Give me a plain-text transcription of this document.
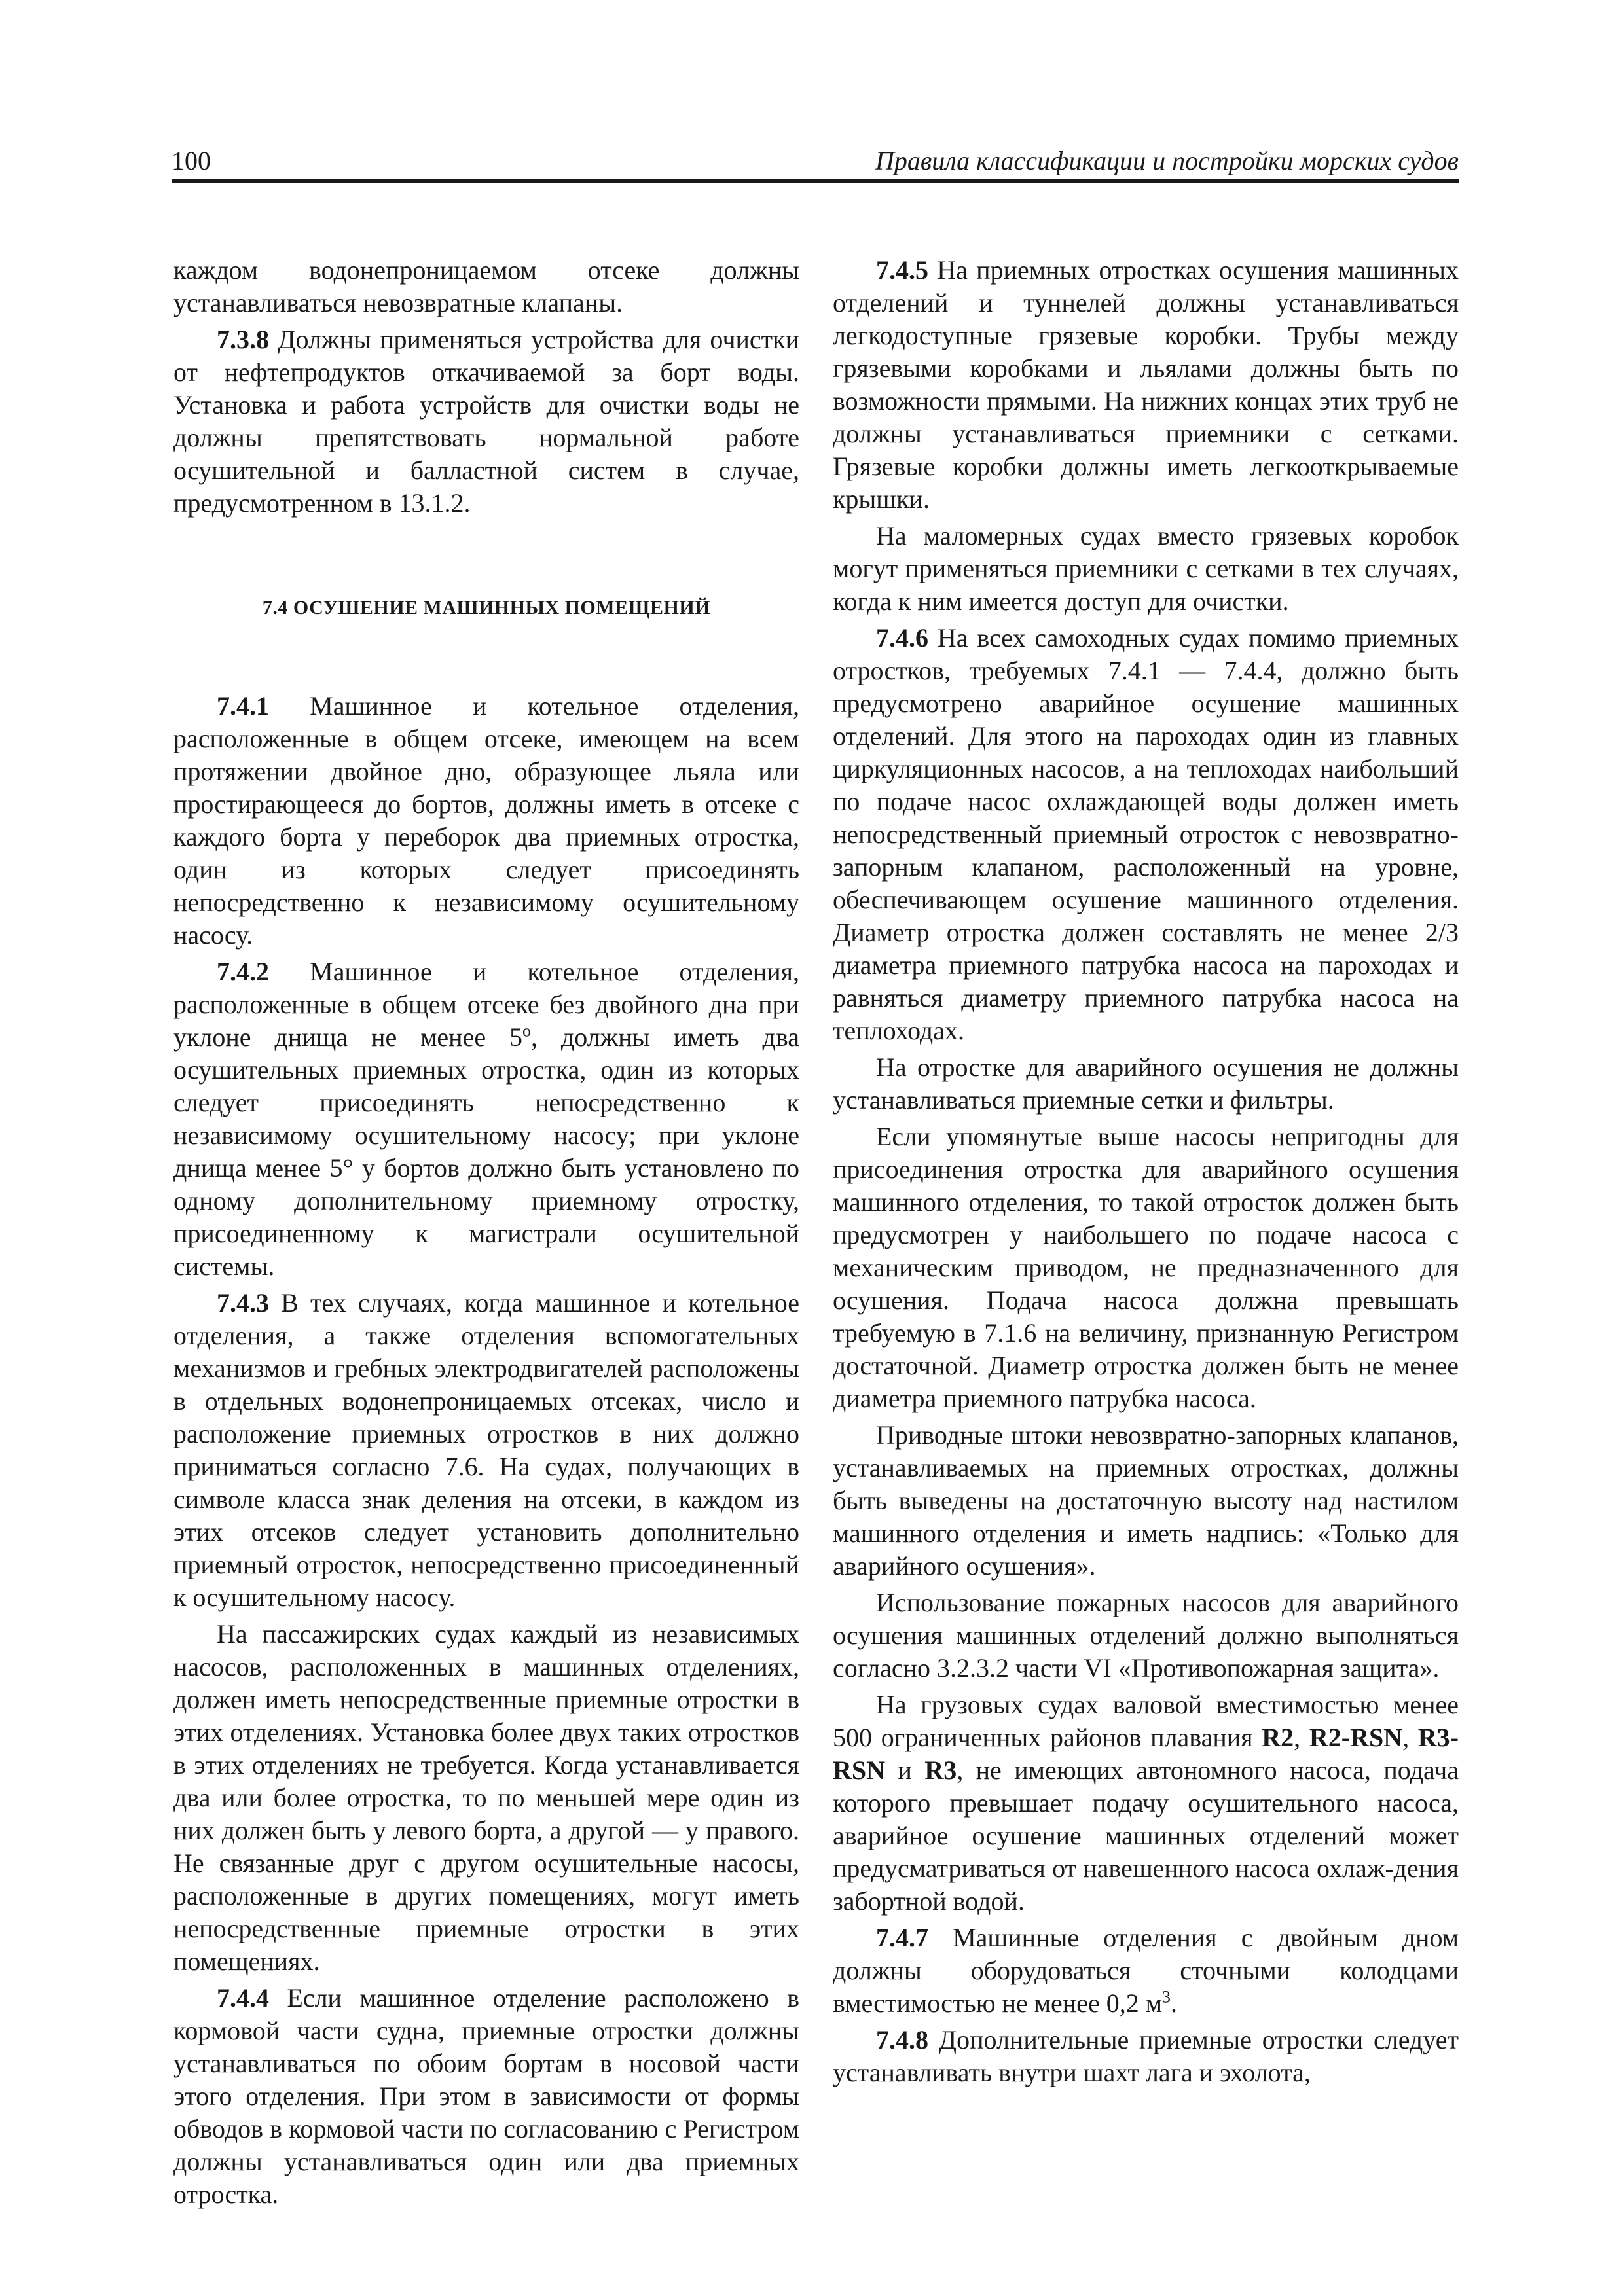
100	Правила классификации и постройки морских судов

каждом водонепроницаемом отсеке должны устанавливаться невозвратные клапаны.

7.3.8 Должны применяться устройства для очистки от нефтепродуктов откачиваемой за борт воды. Установка и работа устройств для очистки воды не должны препятствовать нормальной работе осушительной и балластной систем в случае, предусмотренном в 13.1.2.

7.4 ОСУШЕНИЕ МАШИННЫХ ПОМЕЩЕНИЙ

7.4.1 Машинное и котельное отделения, расположенные в общем отсеке, имеющем на всем протяжении двойное дно, образующее льяла или простирающееся до бортов, должны иметь в отсеке с каждого борта у переборок два приемных отростка, один из которых следует присоединять непосредственно к независимому осушительному насосу.

7.4.2 Машинное и котельное отделения, расположенные в общем отсеке без двойного дна при уклоне днища не менее $5^о$, должны иметь два осушительных приемных отростка, один из которых следует присоединять непосредственно к независимому осушительному насосу; при уклоне днища менее 5° у бортов должно быть установлено по одному дополнительному приемному отростку, присоединенному к магистрали осушительной системы.

7.4.3 В тех случаях, когда машинное и котельное отделения, а также отделения вспомогательных механизмов и гребных электродвигателей расположены в отдельных водонепроницаемых отсеках, число и расположение приемных отростков в них должно приниматься согласно 7.6. На судах, получающих в символе класса знак деления на отсеки, в каждом из этих отсеков следует установить дополнительно приемный отросток, непосредственно присоединенный к осушительному насосу.

На пассажирских судах каждый из независимых насосов, расположенных в машинных отделениях, должен иметь непосредственные приемные отростки в этих отделениях. Установка более двух таких отростков в этих отделениях не требуется. Когда устанавливается два или более отростка, то по меньшей мере один из них должен быть у левого борта, а другой — у правого. Не связанные друг с другом осушительные насосы, расположенные в других помещениях, могут иметь непосредственные приемные отростки в этих помещениях.

7.4.4 Если машинное отделение расположено в кормовой части судна, приемные отростки должны устанавливаться по обоим бортам в носовой части этого отделения. При этом в зависимости от формы обводов в кормовой части по согласованию с Регистром должны устанавливаться один или два приемных отростка.

7.4.5 На приемных отростках осушения машинных отделений и туннелей должны устанавливаться легкодоступные грязевые коробки. Трубы между грязевыми коробками и льялами должны быть по возможности прямыми. На нижних концах этих труб не должны устанавливаться приемники с сетками. Грязевые коробки должны иметь легкооткрываемые крышки.

На маломерных судах вместо грязевых коробок могут применяться приемники с сетками в тех случаях, когда к ним имеется доступ для очистки.

7.4.6 На всех самоходных судах помимо приемных отростков, требуемых 7.4.1 — 7.4.4, должно быть предусмотрено аварийное осушение машинных отделений. Для этого на пароходах один из главных циркуляционных насосов, а на теплоходах наибольший по подаче насос охлаждающей воды должен иметь непосредственный приемный отросток с невозвратно-запорным клапаном, расположенный на уровне, обеспечивающем осушение машинного отделения. Диаметр отростка должен составлять не менее 2/3 диаметра приемного патрубка насоса на пароходах и равняться диаметру приемного патрубка насоса на теплоходах.

На отростке для аварийного осушения не должны устанавливаться приемные сетки и фильтры.

Если упомянутые выше насосы непригодны для присоединения отростка для аварийного осушения машинного отделения, то такой отросток должен быть предусмотрен у наибольшего по подаче насоса с механическим приводом, не предназначенного для осушения. Подача насоса должна превышать требуемую в 7.1.6 на величину, признанную Регистром достаточной. Диаметр отростка должен быть не менее диаметра приемного патрубка насоса.

Приводные штоки невозвратно-запорных клапанов, устанавливаемых на приемных отростках, должны быть выведены на достаточную высоту над настилом машинного отделения и иметь надпись: «Только для аварийного осушения».

Использование пожарных насосов для аварийного осушения машинных отделений должно выполняться согласно 3.2.3.2 части VI «Противопожарная защита».

На грузовых судах валовой вместимостью менее 500 ограниченных районов плавания R2, R2-RSN, R3-RSN и R3, не имеющих автономного насоса, подача которого превышает подачу осушительного насоса, аварийное осушение машинных отделений может предусматриваться от навешенного насоса охлаж-дения забортной водой.

7.4.7 Машинные отделения с двойным дном должны оборудоваться сточными колодцами вместимостью не менее 0,2 $м^3$.

7.4.8 Дополнительные приемные отростки следует устанавливать внутри шахт лага и эхолота,
